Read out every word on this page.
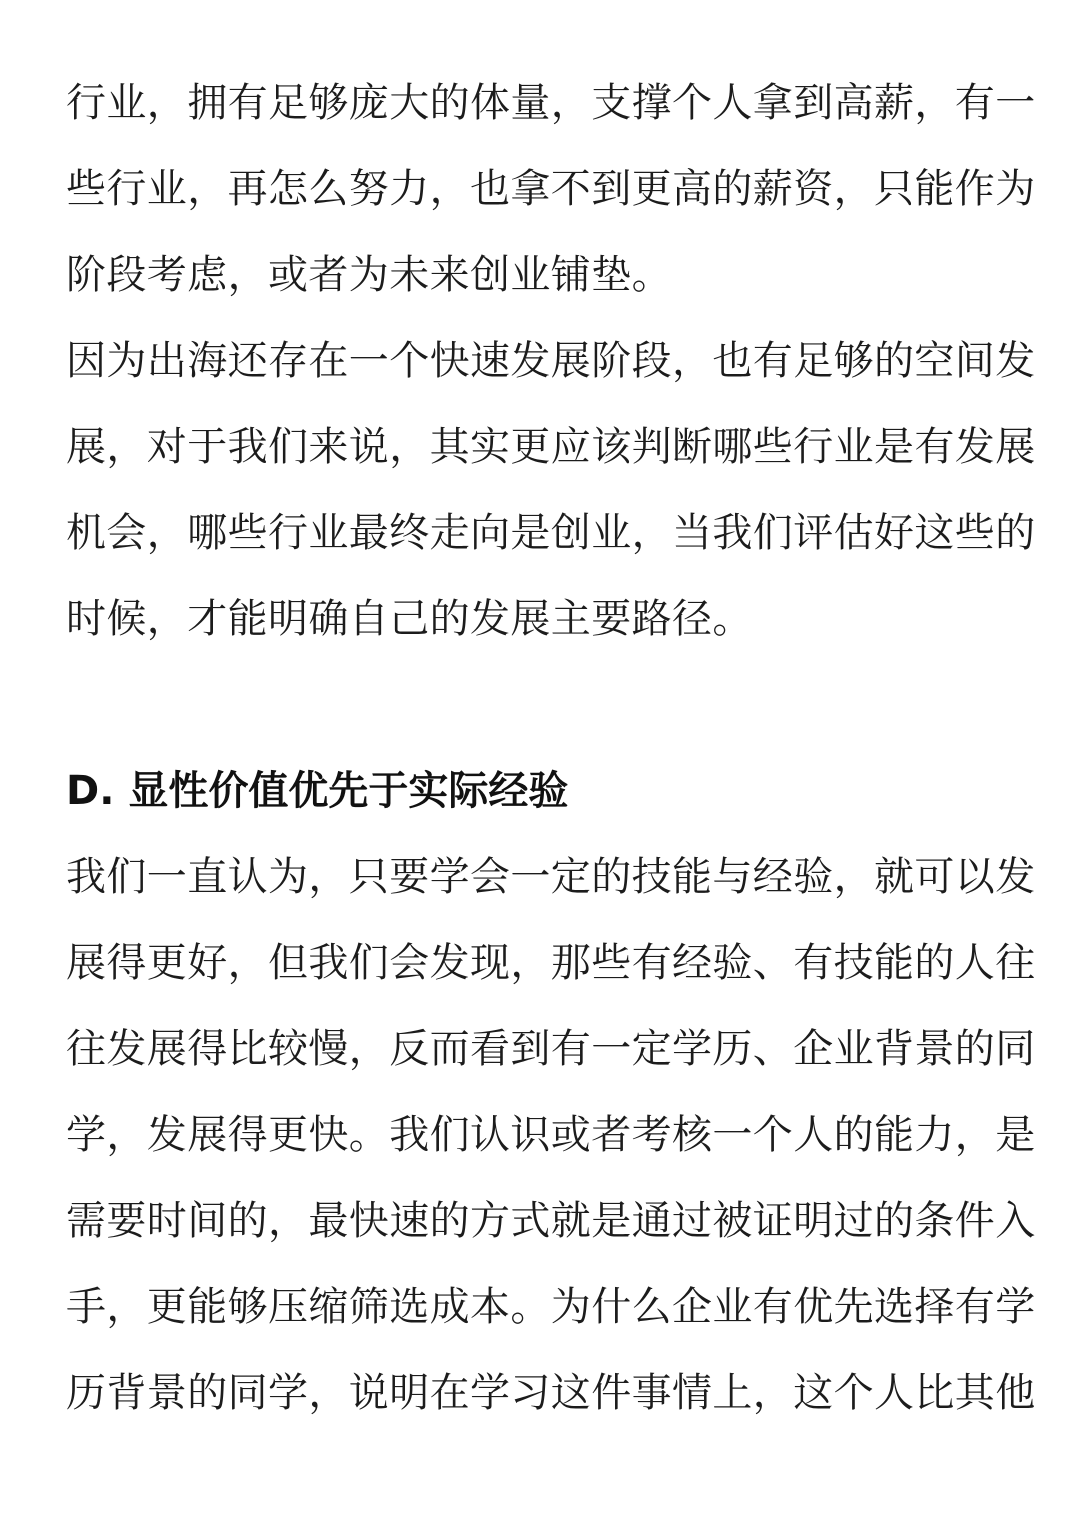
行业，拥有足够庞大的体量，支撑个人拿到高薪，有一
些行业，再怎么努力，也拿不到更高的薪资，只能作为
阶段考虑，或者为未来创业铺垫。
因为出海还存在一个快速发展阶段，也有足够的空间发
展，对于我们来说，其实更应该判断哪些行业是有发展
机会，哪些行业最终走向是创业，当我们评估好这些的
时候，才能明确自己的发展主要路径。
D. 显性价值优先于实际经验
我们一直认为，只要学会一定的技能与经验，就可以发
展得更好，但我们会发现，那些有经验、有技能的人往
往发展得比较慢，反而看到有一定学历、企业背景的同
学，发展得更快。我们认识或者考核一个人的能力，是
需要时间的，最快速的方式就是通过被证明过的条件入
手，更能够压缩筛选成本。为什么企业有优先选择有学
历背景的同学，说明在学习这件事情上，这个人比其他
